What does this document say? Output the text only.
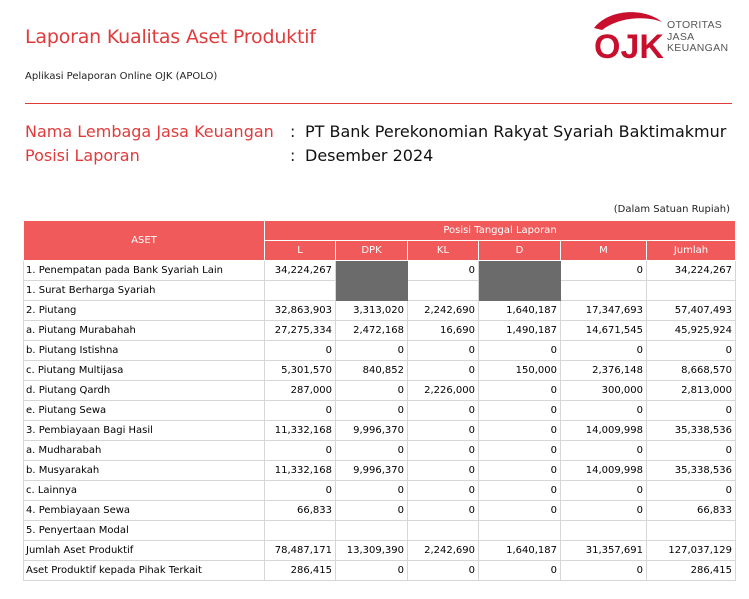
Laporan Kualitas Aset Produktif
Aplikasi Pelaporan Online OJK (APOLO)
OJK
OTORITAS
JASA
KEUANGAN
Nama Lembaga Jasa Keuangan : PT Bank Perekonomian Rakyat Syariah Baktimakmur
Posisi Laporan	: Desember 2024
(Dalam Satuan Rupiah)
ASET	Posisi Tanggal Laporan					
	L	DPK	KL	D	M	Jumlah
1. Penempatan pada Bank Syariah Lain	34,224,267		0		0	34,224,267
1. Surat Berharga Syariah						
2. Piutang	32,863,903	3,313,020	2,242,690	1,640,187	17,347,693	57,407,493
a. Piutang Murabahah	27,275,334	2,472,168	16,690	1,490,187	14,671,545	45,925,924
b. Piutang Istishna	0	0	0	0	0	0
c. Piutang Multijasa	5,301,570	840,852	0	150,000	2,376,148	8,668,570
d. Piutang Qardh	287,000	0	2,226,000	0	300,000	2,813,000
e. Piutang Sewa	0	0	0	0	0	0
3. Pembiayaan Bagi Hasil	11,332,168	9,996,370	0	0	14,009,998	35,338,536
a. Mudharabah	0	0	0	0	0	0
b. Musyarakah	11,332,168	9,996,370	0	0	14,009,998	35,338,536
c. Lainnya	0	0	0	0	0	0
4. Pembiayaan Sewa	66,833	0	0	0	0	66,833
5. Penyertaan Modal						
Jumlah Aset Produktif	78,487,171	13,309,390	2,242,690	1,640,187	31,357,691	127,037,129
Aset Produktif kepada Pihak Terkait	286,415	0	0	0	0	286,415
